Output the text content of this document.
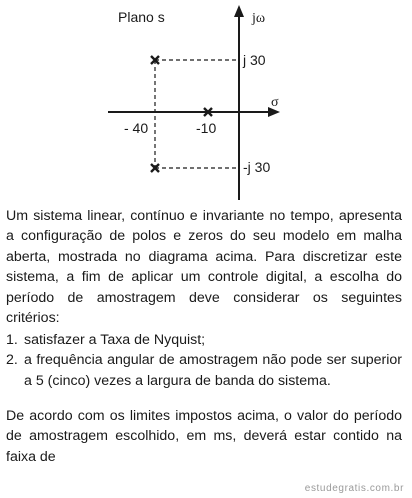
Plano s	jω
σ
j 30
-j 30
- 40	-10

Um sistema linear, contínuo e invariante no tempo, apresenta a configuração de polos e zeros do seu modelo em malha aberta, mostrada no diagrama acima. Para discretizar este sistema, a fim de aplicar um controle digital, a escolha do período de amostragem deve considerar os seguintes critérios:

1. satisfazer a Taxa de Nyquist;
2. a frequência angular de amostragem não pode ser superior a 5 (cinco) vezes a largura de banda do sistema.

De acordo com os limites impostos acima, o valor do período de amostragem escolhido, em ms, deverá estar contido na faixa de

estudegratis.com.br
